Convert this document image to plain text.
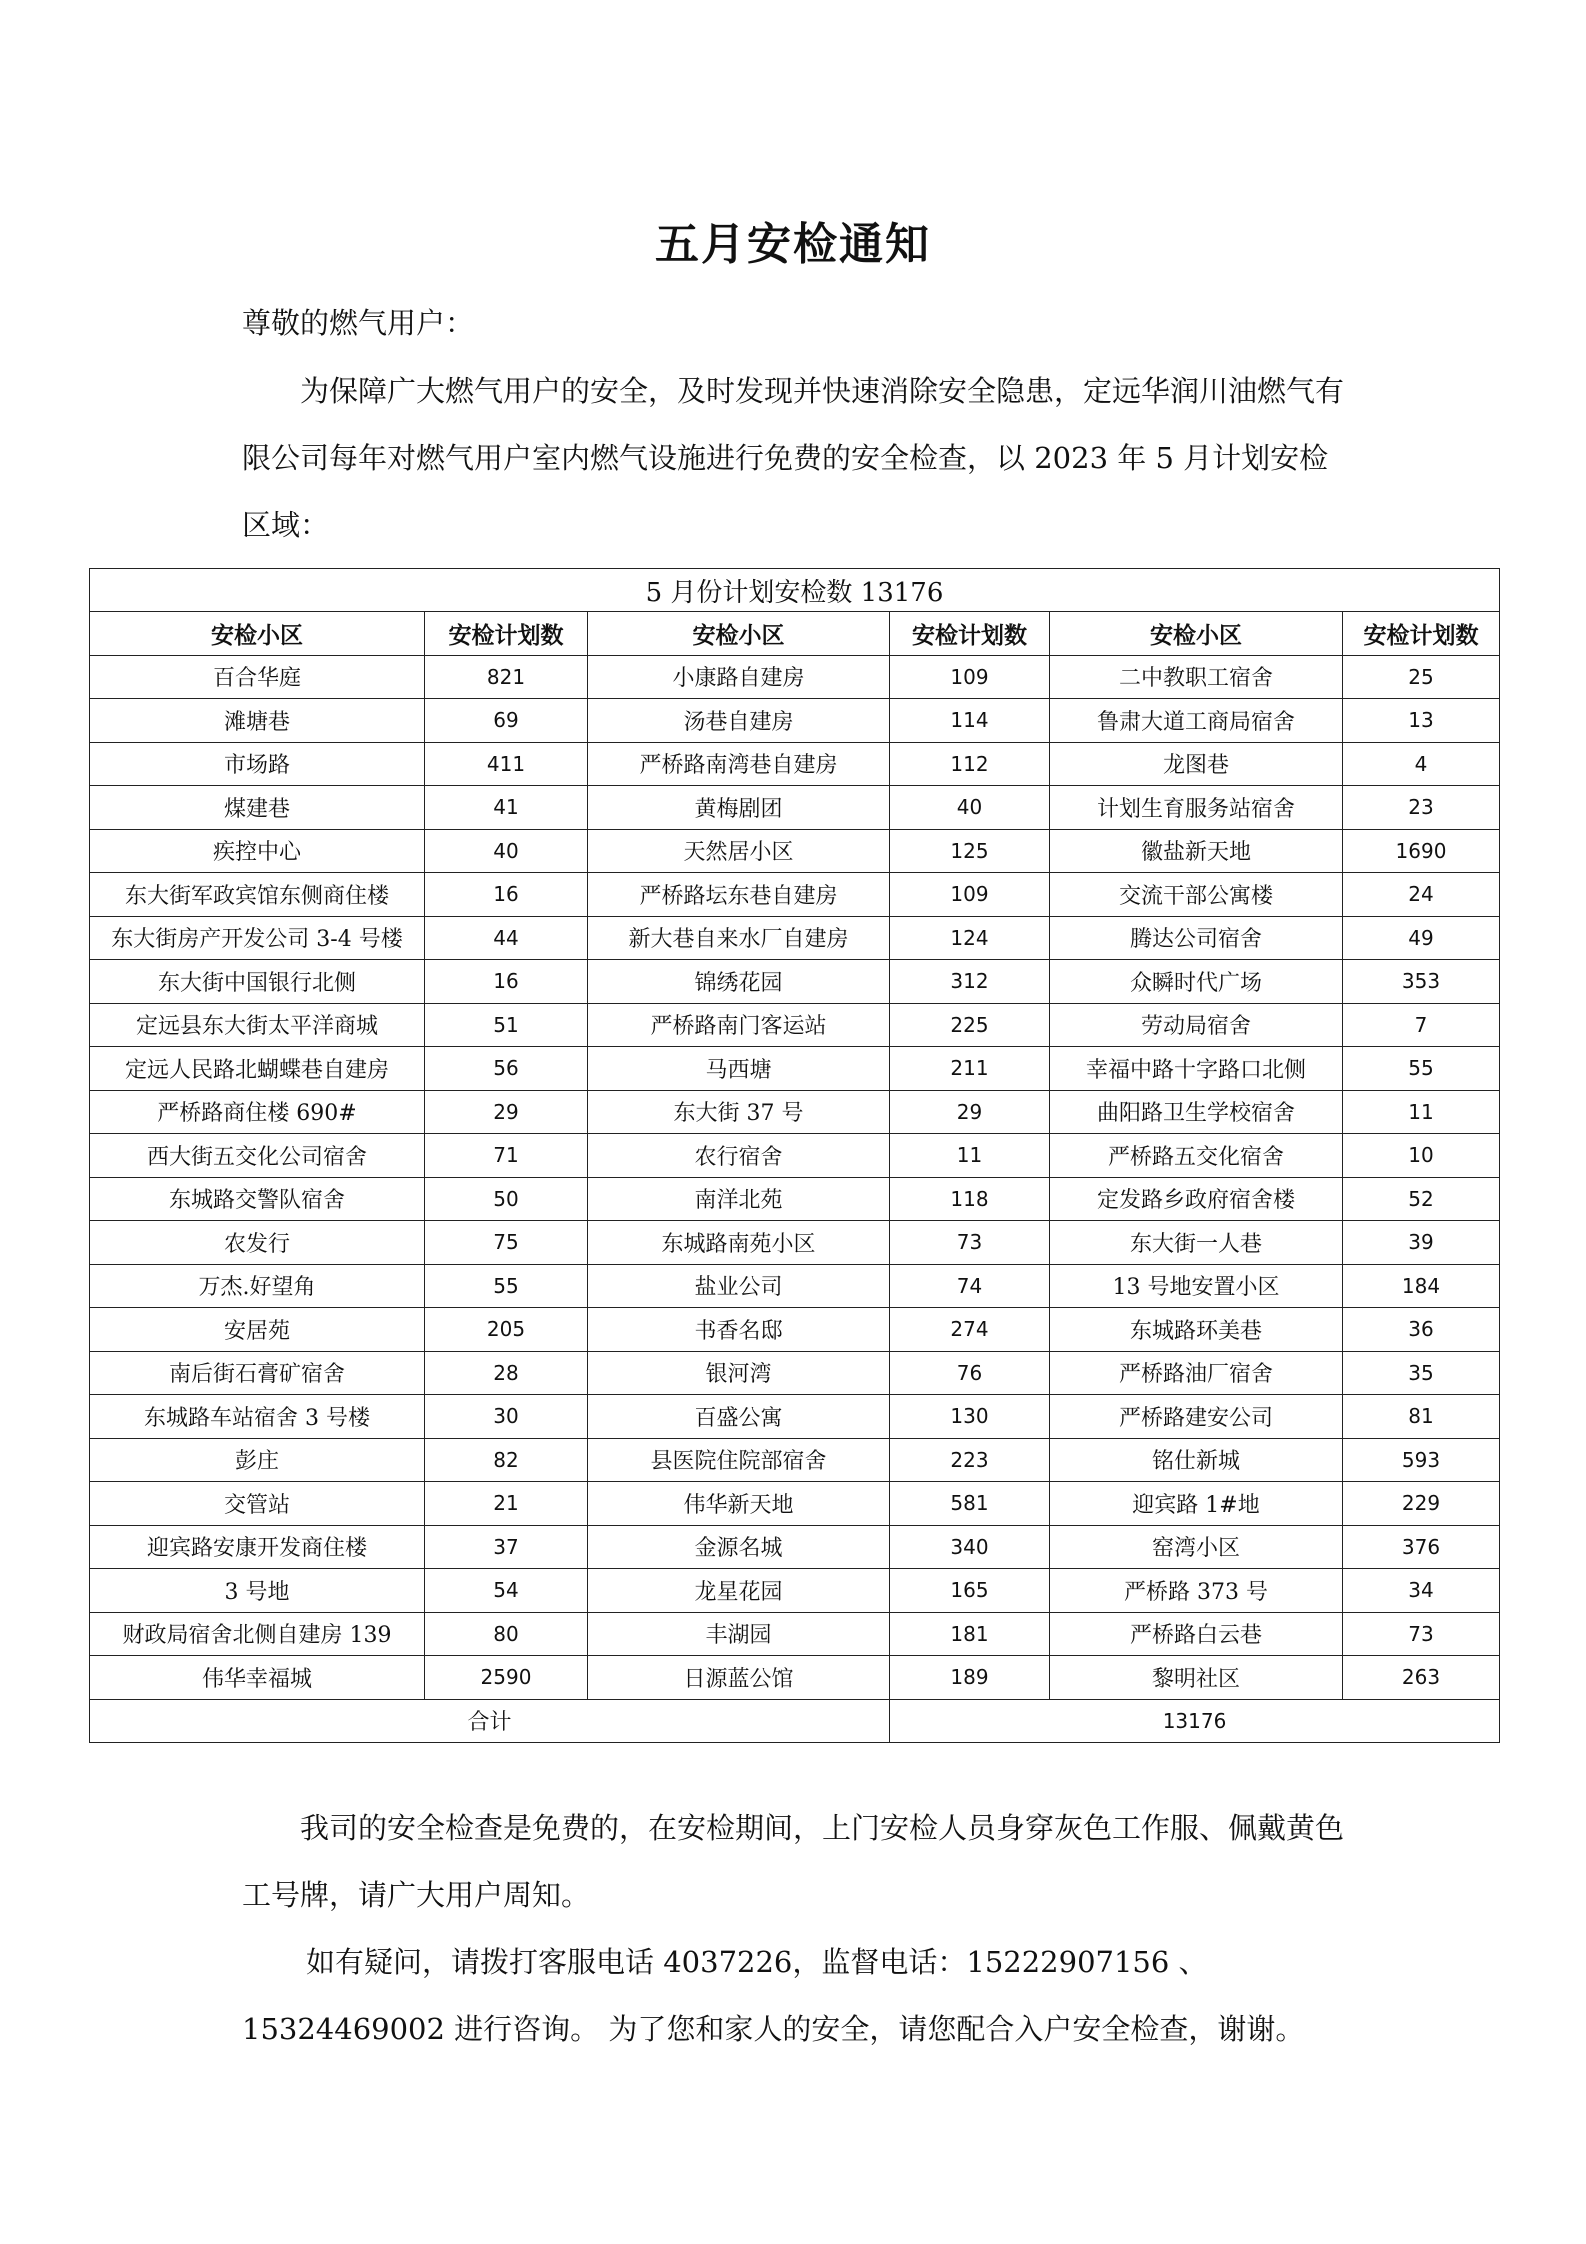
五月安检通知
尊敬的燃气用户：
为保障广大燃气用户的安全，及时发现并快速消除安全隐患，定远华润川油燃气有限公司每年对燃气用户室内燃气设施进行免费的安全检查，以 2023 年 5 月计划安检区域：
5 月份计划安检数 13176					
安检小区	安检计划数	安检小区	安检计划数	安检小区	安检计划数
百合华庭	821	小康路自建房	109	二中教职工宿舍	25
滩塘巷	69	汤巷自建房	114	鲁肃大道工商局宿舍	13
市场路	411	严桥路南湾巷自建房	112	龙图巷	4
煤建巷	41	黄梅剧团	40	计划生育服务站宿舍	23
疾控中心	40	天然居小区	125	徽盐新天地	1690
东大街军政宾馆东侧商住楼	16	严桥路坛东巷自建房	109	交流干部公寓楼	24
东大街房产开发公司 3-4 号楼	44	新大巷自来水厂自建房	124	腾达公司宿舍	49
东大街中国银行北侧	16	锦绣花园	312	众瞬时代广场	353
定远县东大街太平洋商城	51	严桥路南门客运站	225	劳动局宿舍	7
定远人民路北蝴蝶巷自建房	56	马西塘	211	幸福中路十字路口北侧	55
严桥路商住楼 690#	29	东大街 37 号	29	曲阳路卫生学校宿舍	11
西大街五交化公司宿舍	71	农行宿舍	11	严桥路五交化宿舍	10
东城路交警队宿舍	50	南洋北苑	118	定发路乡政府宿舍楼	52
农发行	75	东城路南苑小区	73	东大街一人巷	39
万杰.好望角	55	盐业公司	74	13 号地安置小区	184
安居苑	205	书香名邸	274	东城路环美巷	36
南后街石膏矿宿舍	28	银河湾	76	严桥路油厂宿舍	35
东城路车站宿舍 3 号楼	30	百盛公寓	130	严桥路建安公司	81
彭庄	82	县医院住院部宿舍	223	铭仕新城	593
交管站	21	伟华新天地	581	迎宾路 1#地	229
迎宾路安康开发商住楼	37	金源名城	340	窑湾小区	376
3 号地	54	龙星花园	165	严桥路 373 号	34
财政局宿舍北侧自建房 139	80	丰湖园	181	严桥路白云巷	73
伟华幸福城	2590	日源蓝公馆	189	黎明社区	263
合计			13176		
我司的安全检查是免费的，在安检期间，上门安检人员身穿灰色工作服、佩戴黄色工号牌，请广大用户周知。
如有疑问，请拨打客服电话 4037226，监督电话：15222907156 、15324469002 进行咨询。 为了您和家人的安全，请您配合入户安全检查，谢谢。
